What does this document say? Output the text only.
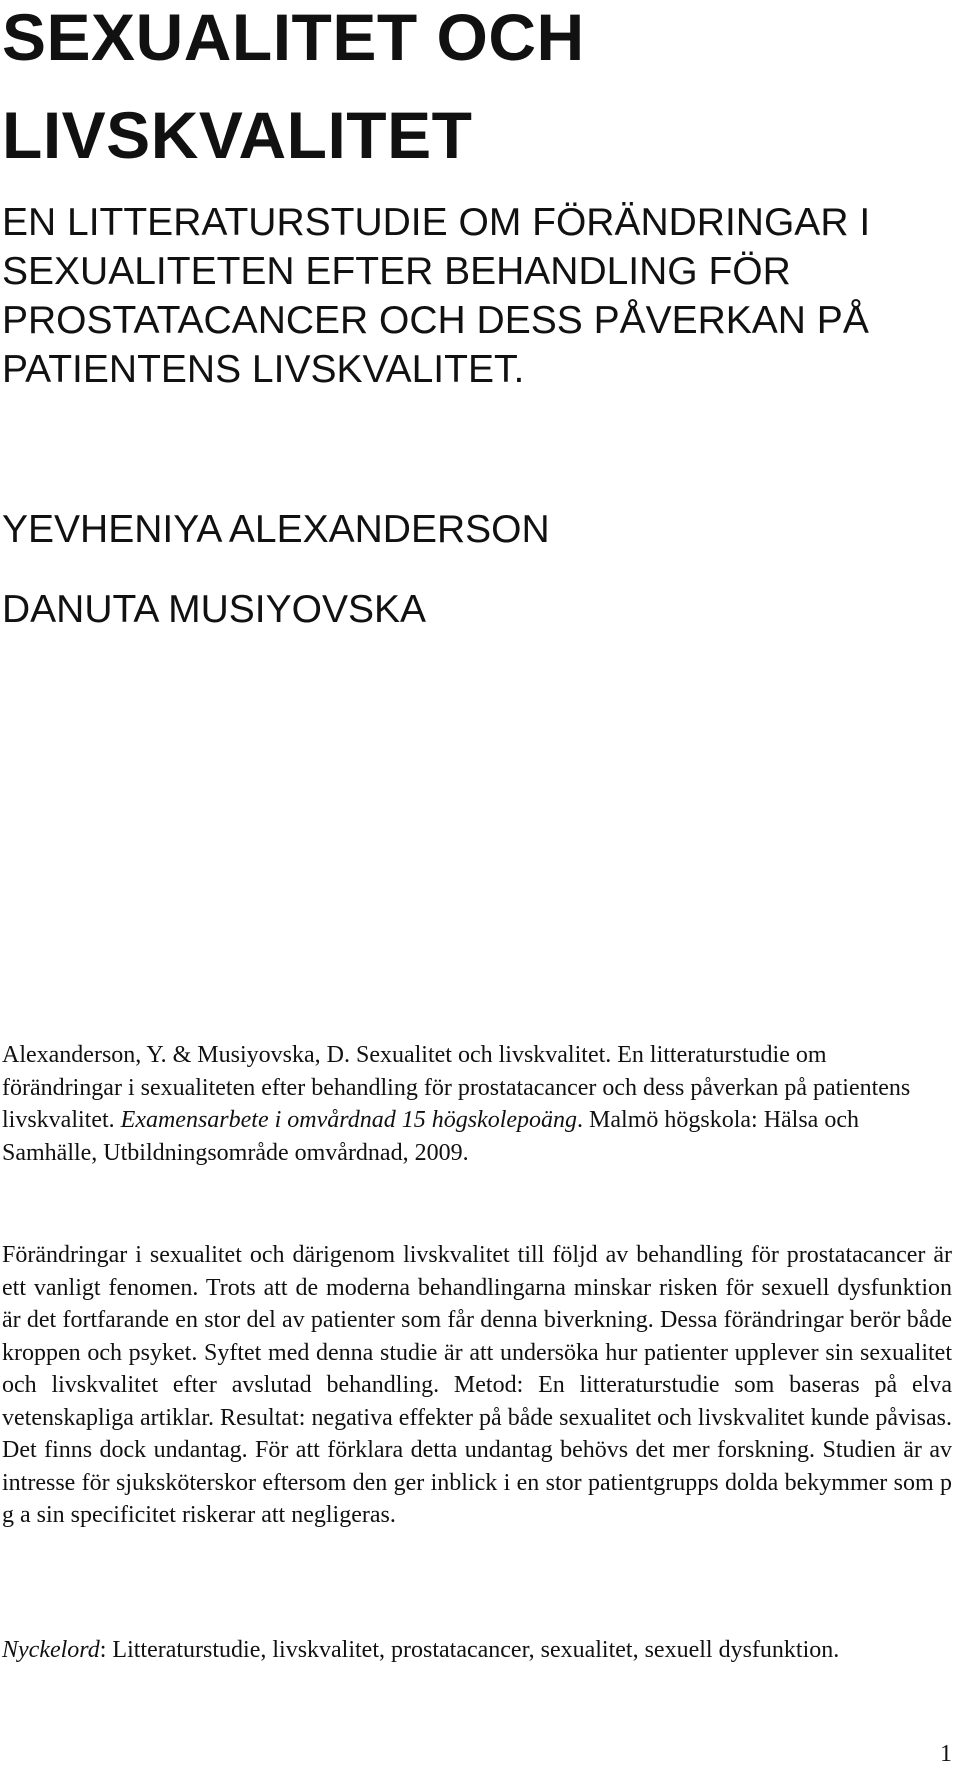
SEXUALITET OCH LIVSKVALITET

EN LITTERATURSTUDIE OM FÖRÄNDRINGAR I SEXUALITETEN EFTER BEHANDLING FÖR PROSTATACANCER OCH DESS PÅVERKAN PÅ PATIENTENS LIVSKVALITET.

YEVHENIYA ALEXANDERSON

DANUTA MUSIYOVSKA

Alexanderson, Y. & Musiyovska, D. Sexualitet och livskvalitet. En litteraturstudie om förändringar i sexualiteten efter behandling för prostatacancer och dess påverkan på patientens livskvalitet. Examensarbete i omvårdnad 15 högskolepoäng. Malmö högskola: Hälsa och Samhälle, Utbildningsområde omvårdnad, 2009.

Förändringar i sexualitet och därigenom livskvalitet till följd av behandling för prostatacancer är ett vanligt fenomen. Trots att de moderna behandlingarna minskar risken för sexuell dysfunktion är det fortfarande en stor del av patienter som får denna biverkning. Dessa förändringar berör både kroppen och psyket. Syftet med denna studie är att undersöka hur patienter upplever sin sexualitet och livskvalitet efter avslutad behandling. Metod: En litteraturstudie som baseras på elva vetenskapliga artiklar. Resultat: negativa effekter på både sexualitet och livskvalitet kunde påvisas. Det finns dock undantag. För att förklara detta undantag behövs det mer forskning. Studien är av intresse för sjuksköterskor eftersom den ger inblick i en stor patientgrupps dolda bekymmer som p g a sin specificitet riskerar att negligeras.

Nyckelord: Litteraturstudie, livskvalitet, prostatacancer, sexualitet, sexuell dysfunktion.

1
